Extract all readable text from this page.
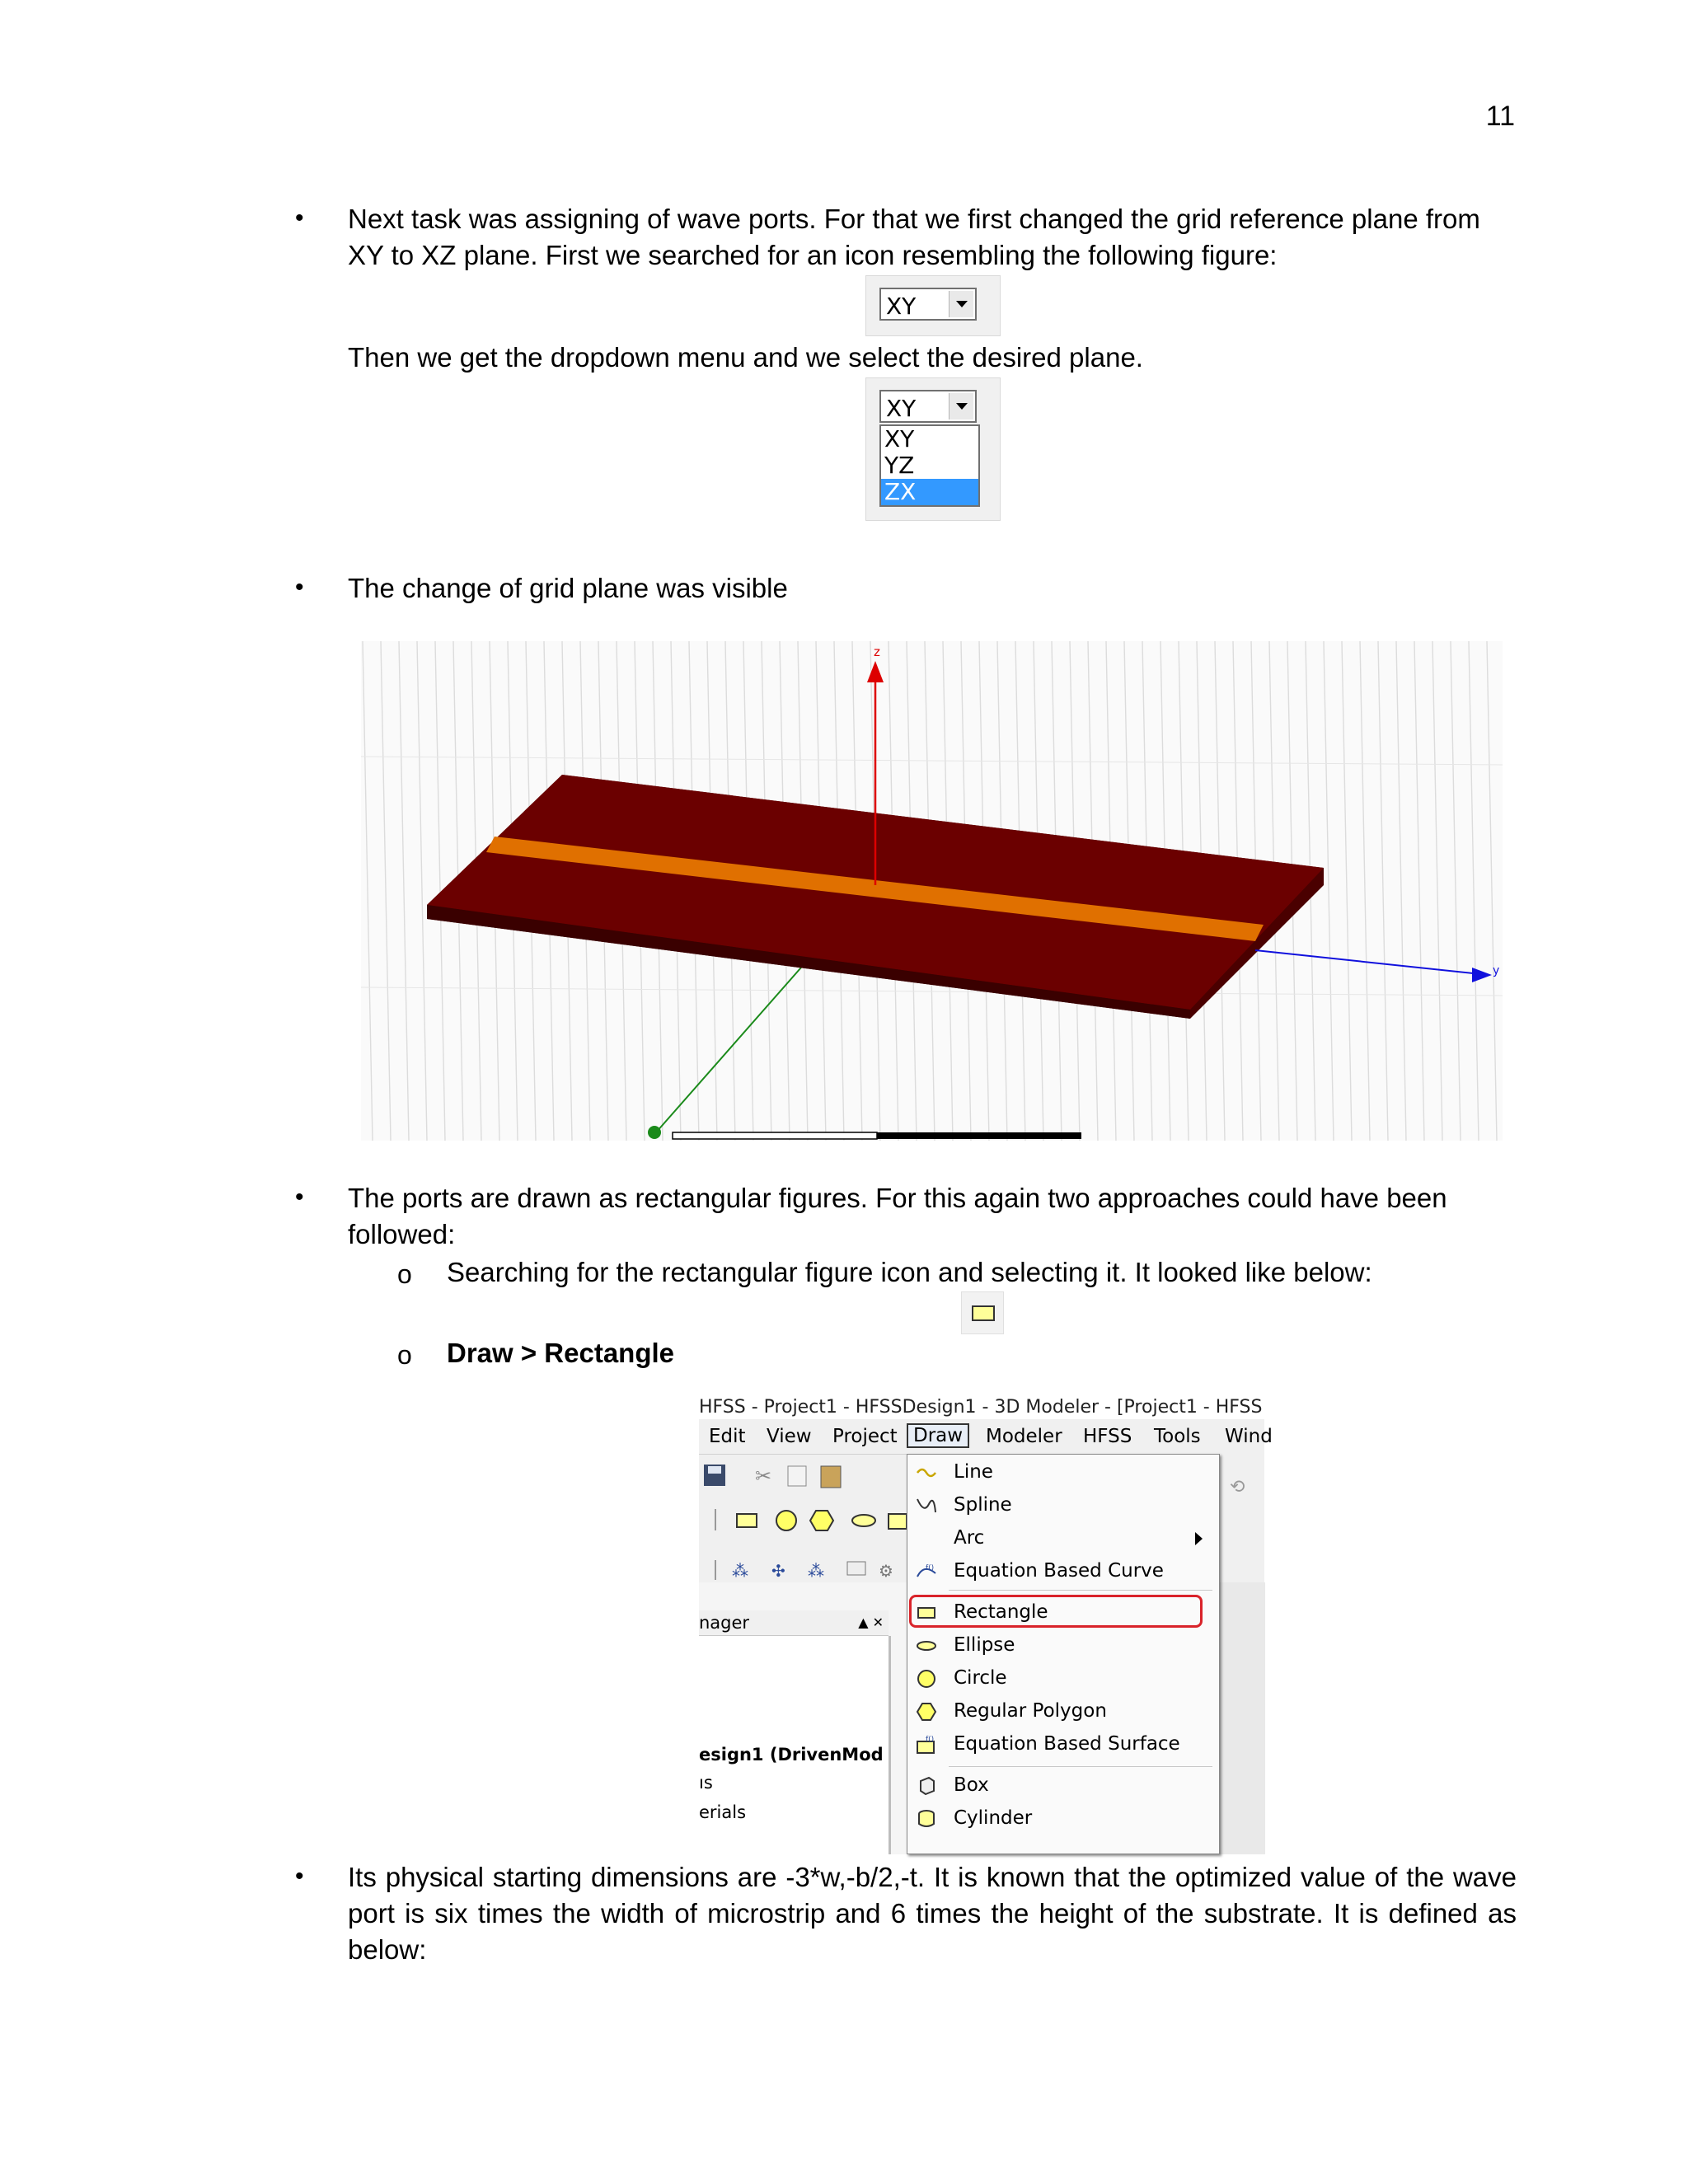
11
• Next task was assigning of wave ports. For that we first changed the grid reference plane from XY to XZ plane. First we searched for an icon resembling the following figure:
XY
Then we get the dropdown menu and we select the desired plane.
XY
XY
YZ
ZX
• The change of grid plane was visible
y
z
• The ports are drawn as rectangular figures. For this again two approaches could have been followed:
o Searching for the rectangular figure icon and selecting it. It looked like below:
o Draw > Rectangle
HFSS - Project1 - HFSSDesign1 - 3D Modeler - [Project1 - HFSS
Edit View Project Draw	Modeler HFSS Tools Wind
✂
⁂ ✣ ⁂	⚙
nager	▲ ✕
esign1 (DrivenMod
ıs
erials
⟲
Line
Spline
Arc
f() Equation Based Curve
Rectangle
Ellipse
Circle
Regular Polygon
f() Equation Based Surface
Box
Cylinder
• Its physical starting dimensions are -3*w,-b/2,-t. It is known that the optimized value of the wave port is six times the width of microstrip and 6 times the height of the substrate. It is defined as below:
